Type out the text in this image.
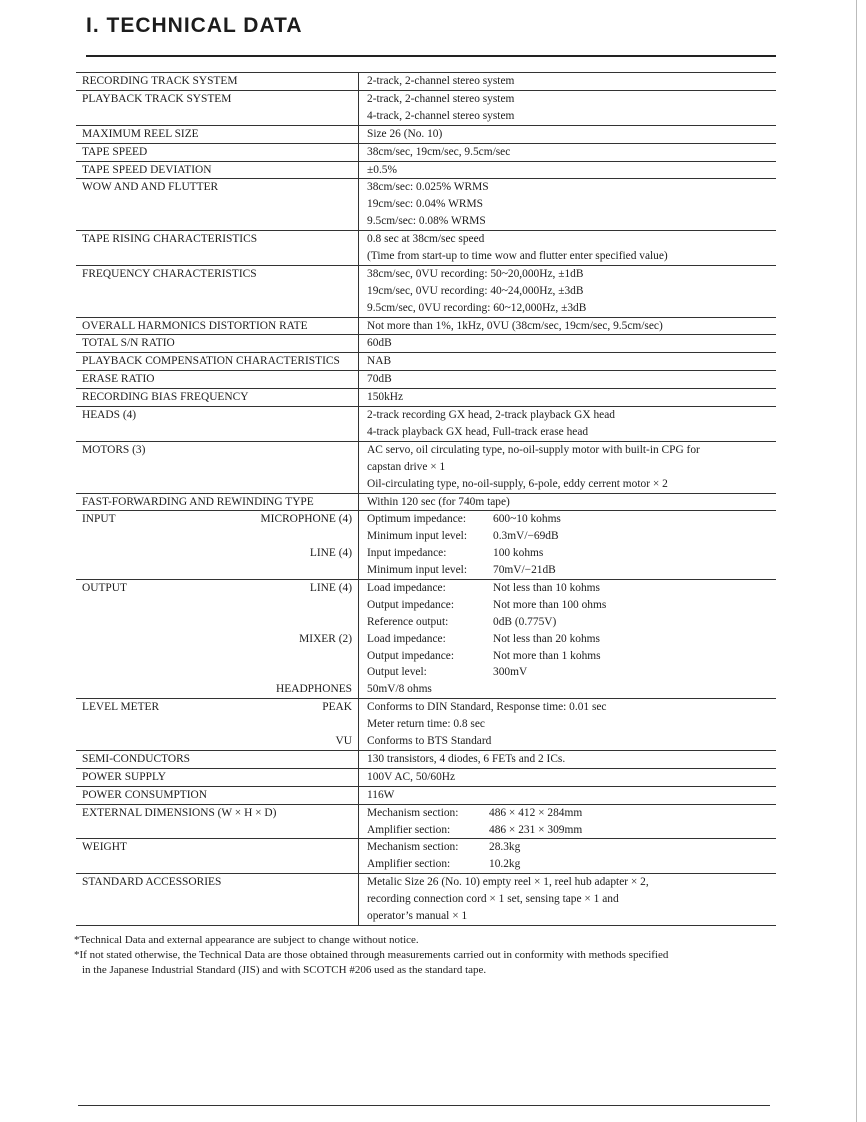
I. TECHNICAL DATA
RECORDING TRACK SYSTEM	2-track, 2-channel stereo system
PLAYBACK TRACK SYSTEM	2-track, 2-channel stereo system
4-track, 2-channel stereo system
MAXIMUM REEL SIZE	Size 26 (No. 10)
TAPE SPEED	38cm/sec, 19cm/sec, 9.5cm/sec
TAPE SPEED DEVIATION	±0.5%
WOW AND AND FLUTTER	38cm/sec: 0.025% WRMS
19cm/sec: 0.04% WRMS
9.5cm/sec: 0.08% WRMS
TAPE RISING CHARACTERISTICS	0.8 sec at 38cm/sec speed
(Time from start-up to time wow and flutter enter specified value)
FREQUENCY CHARACTERISTICS	38cm/sec, 0VU recording: 50~20,000Hz, ±1dB
19cm/sec, 0VU recording: 40~24,000Hz, ±3dB
9.5cm/sec, 0VU recording: 60~12,000Hz, ±3dB
OVERALL HARMONICS DISTORTION RATE	Not more than 1%, 1kHz, 0VU (38cm/sec, 19cm/sec, 9.5cm/sec)
TOTAL S/N RATIO	60dB
PLAYBACK COMPENSATION CHARACTERISTICS	NAB
ERASE RATIO	70dB
RECORDING BIAS FREQUENCY	150kHz
HEADS (4)	2-track recording GX head, 2-track playback GX head
4-track playback GX head, Full-track erase head
MOTORS (3)	AC servo, oil circulating type, no-oil-supply motor with built-in CPG for
capstan drive × 1
Oil-circulating type, no-oil-supply, 6-pole, eddy cerrent motor × 2
FAST-FORWARDING AND REWINDING TYPE	Within 120 sec (for 740m tape)
INPUT	MICROPHONE (4)	Optimum impedance: 600~10 kohms
Minimum input level: 0.3mV/−69dB
LINE (4)	Input impedance:	100 kohms
Minimum input level: 70mV/−21dB
OUTPUT	LINE (4)	Load impedance:	Not less than 10 kohms
Output impedance:	Not more than 100 ohms
Reference output:	0dB (0.775V)
MIXER (2)	Load impedance:	Not less than 20 kohms
Output impedance:	Not more than 1 kohms
Output level:	300mV
HEADPHONES	50mV/8 ohms
LEVEL METER	PEAK	Conforms to DIN Standard, Response time: 0.01 sec
Meter return time: 0.8 sec
VU	Conforms to BTS Standard
SEMI-CONDUCTORS	130 transistors, 4 diodes, 6 FETs and 2 ICs.
POWER SUPPLY	100V AC, 50/60Hz
POWER CONSUMPTION	116W
EXTERNAL DIMENSIONS (W × H × D)	Mechanism section:	486 × 412 × 284mm
Amplifier section:	486 × 231 × 309mm
WEIGHT	Mechanism section:	28.3kg
Amplifier section:	10.2kg
STANDARD ACCESSORIES	Metalic Size 26 (No. 10) empty reel × 1, reel hub adapter × 2,
recording connection cord × 1 set, sensing tape × 1 and
operator’s manual × 1
*Technical Data and external appearance are subject to change without notice.
*If not stated otherwise, the Technical Data are those obtained through measurements carried out in conformity with methods specified
in the Japanese Industrial Standard (JIS) and with SCOTCH #206 used as the standard tape.
